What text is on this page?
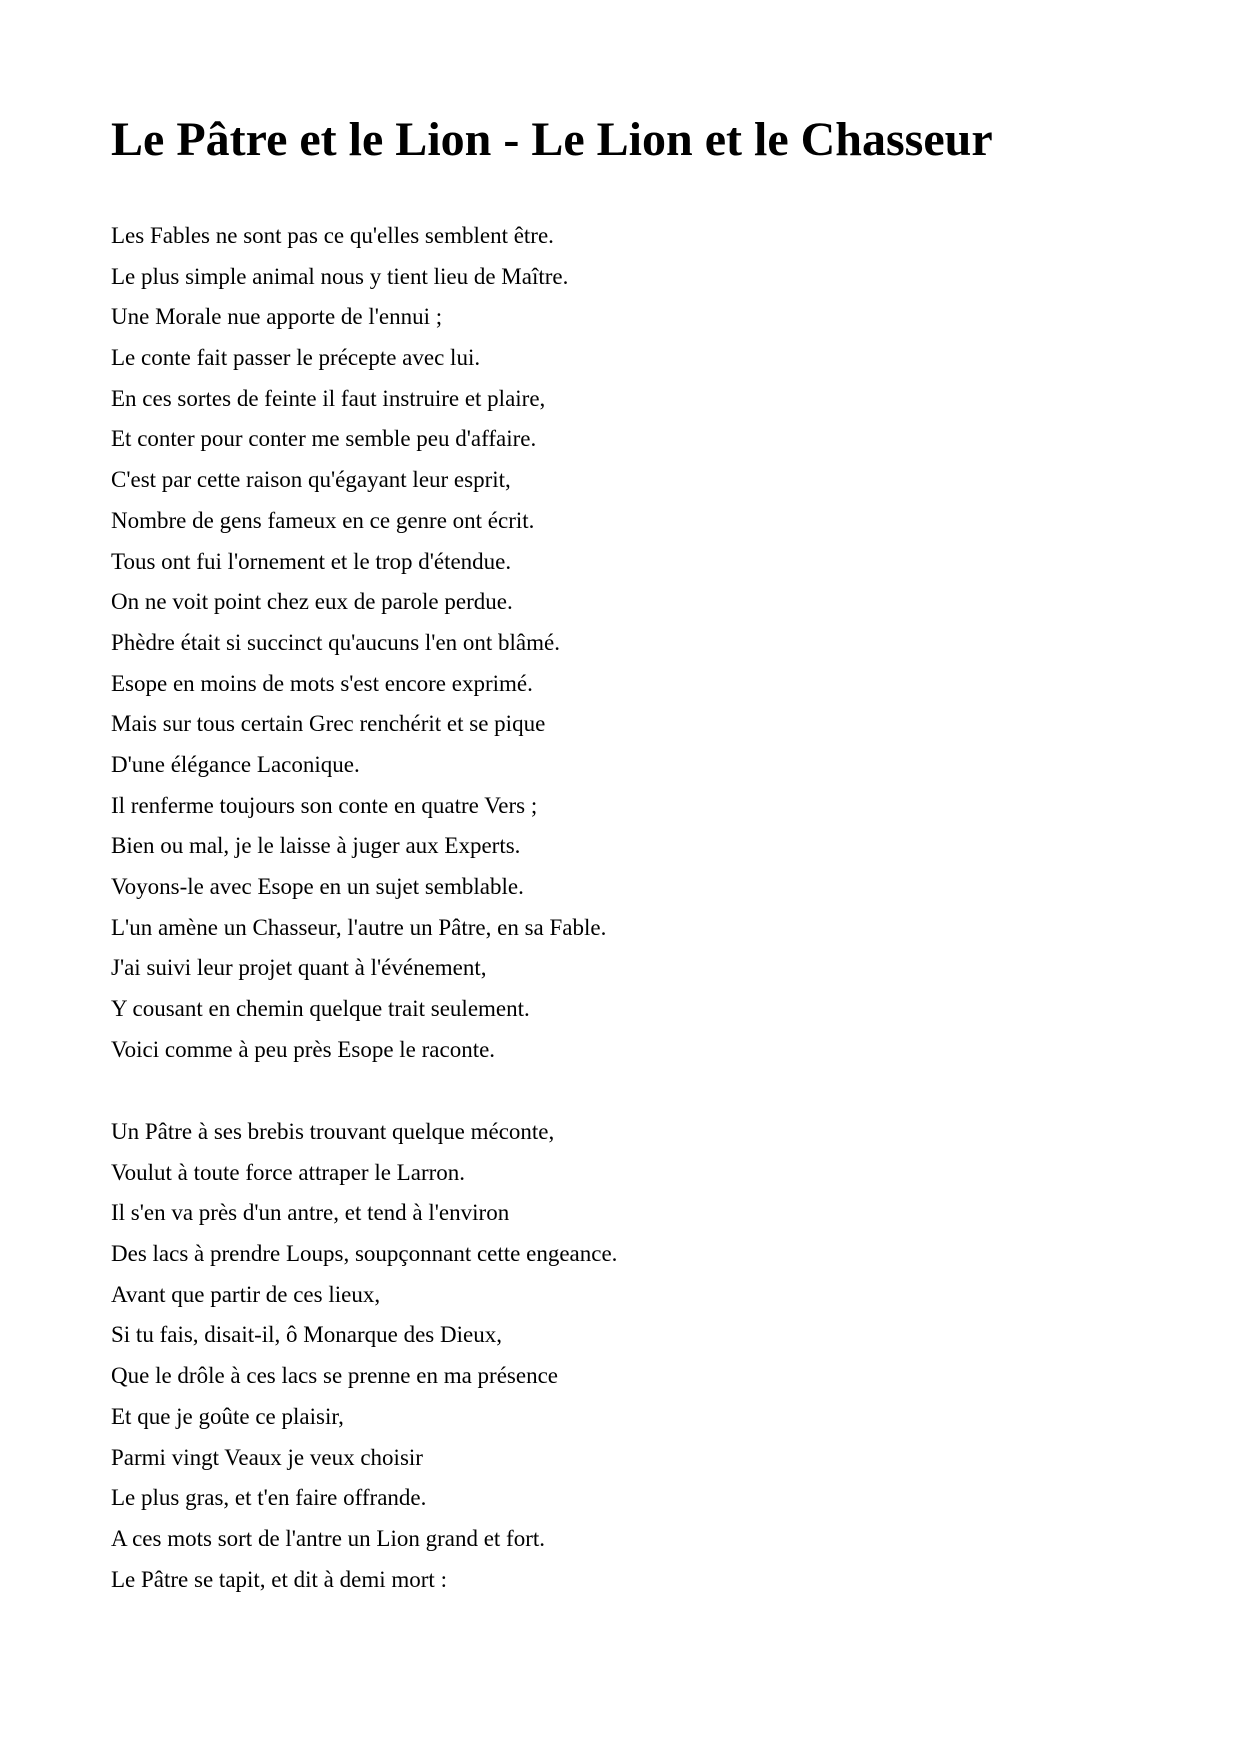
Le Pâtre et le Lion - Le Lion et le Chasseur
Les Fables ne sont pas ce qu'elles semblent être.
Le plus simple animal nous y tient lieu de Maître.
Une Morale nue apporte de l'ennui ;
Le conte fait passer le précepte avec lui.
En ces sortes de feinte il faut instruire et plaire,
Et conter pour conter me semble peu d'affaire.
C'est par cette raison qu'égayant leur esprit,
Nombre de gens fameux en ce genre ont écrit.
Tous ont fui l'ornement et le trop d'étendue.
On ne voit point chez eux de parole perdue.
Phèdre était si succinct qu'aucuns l'en ont blâmé.
Esope en moins de mots s'est encore exprimé.
Mais sur tous certain Grec renchérit et se pique
D'une élégance Laconique.
Il renferme toujours son conte en quatre Vers ;
Bien ou mal, je le laisse à juger aux Experts.
Voyons-le avec Esope en un sujet semblable.
L'un amène un Chasseur, l'autre un Pâtre, en sa Fable.
J'ai suivi leur projet quant à l'événement,
Y cousant en chemin quelque trait seulement.
Voici comme à peu près Esope le raconte.
Un Pâtre à ses brebis trouvant quelque méconte,
Voulut à toute force attraper le Larron.
Il s'en va près d'un antre, et tend à l'environ
Des lacs à prendre Loups, soupçonnant cette engeance.
Avant que partir de ces lieux,
Si tu fais, disait-il, ô Monarque des Dieux,
Que le drôle à ces lacs se prenne en ma présence
Et que je goûte ce plaisir,
Parmi vingt Veaux je veux choisir
Le plus gras, et t'en faire offrande.
A ces mots sort de l'antre un Lion grand et fort.
Le Pâtre se tapit, et dit à demi mort :
